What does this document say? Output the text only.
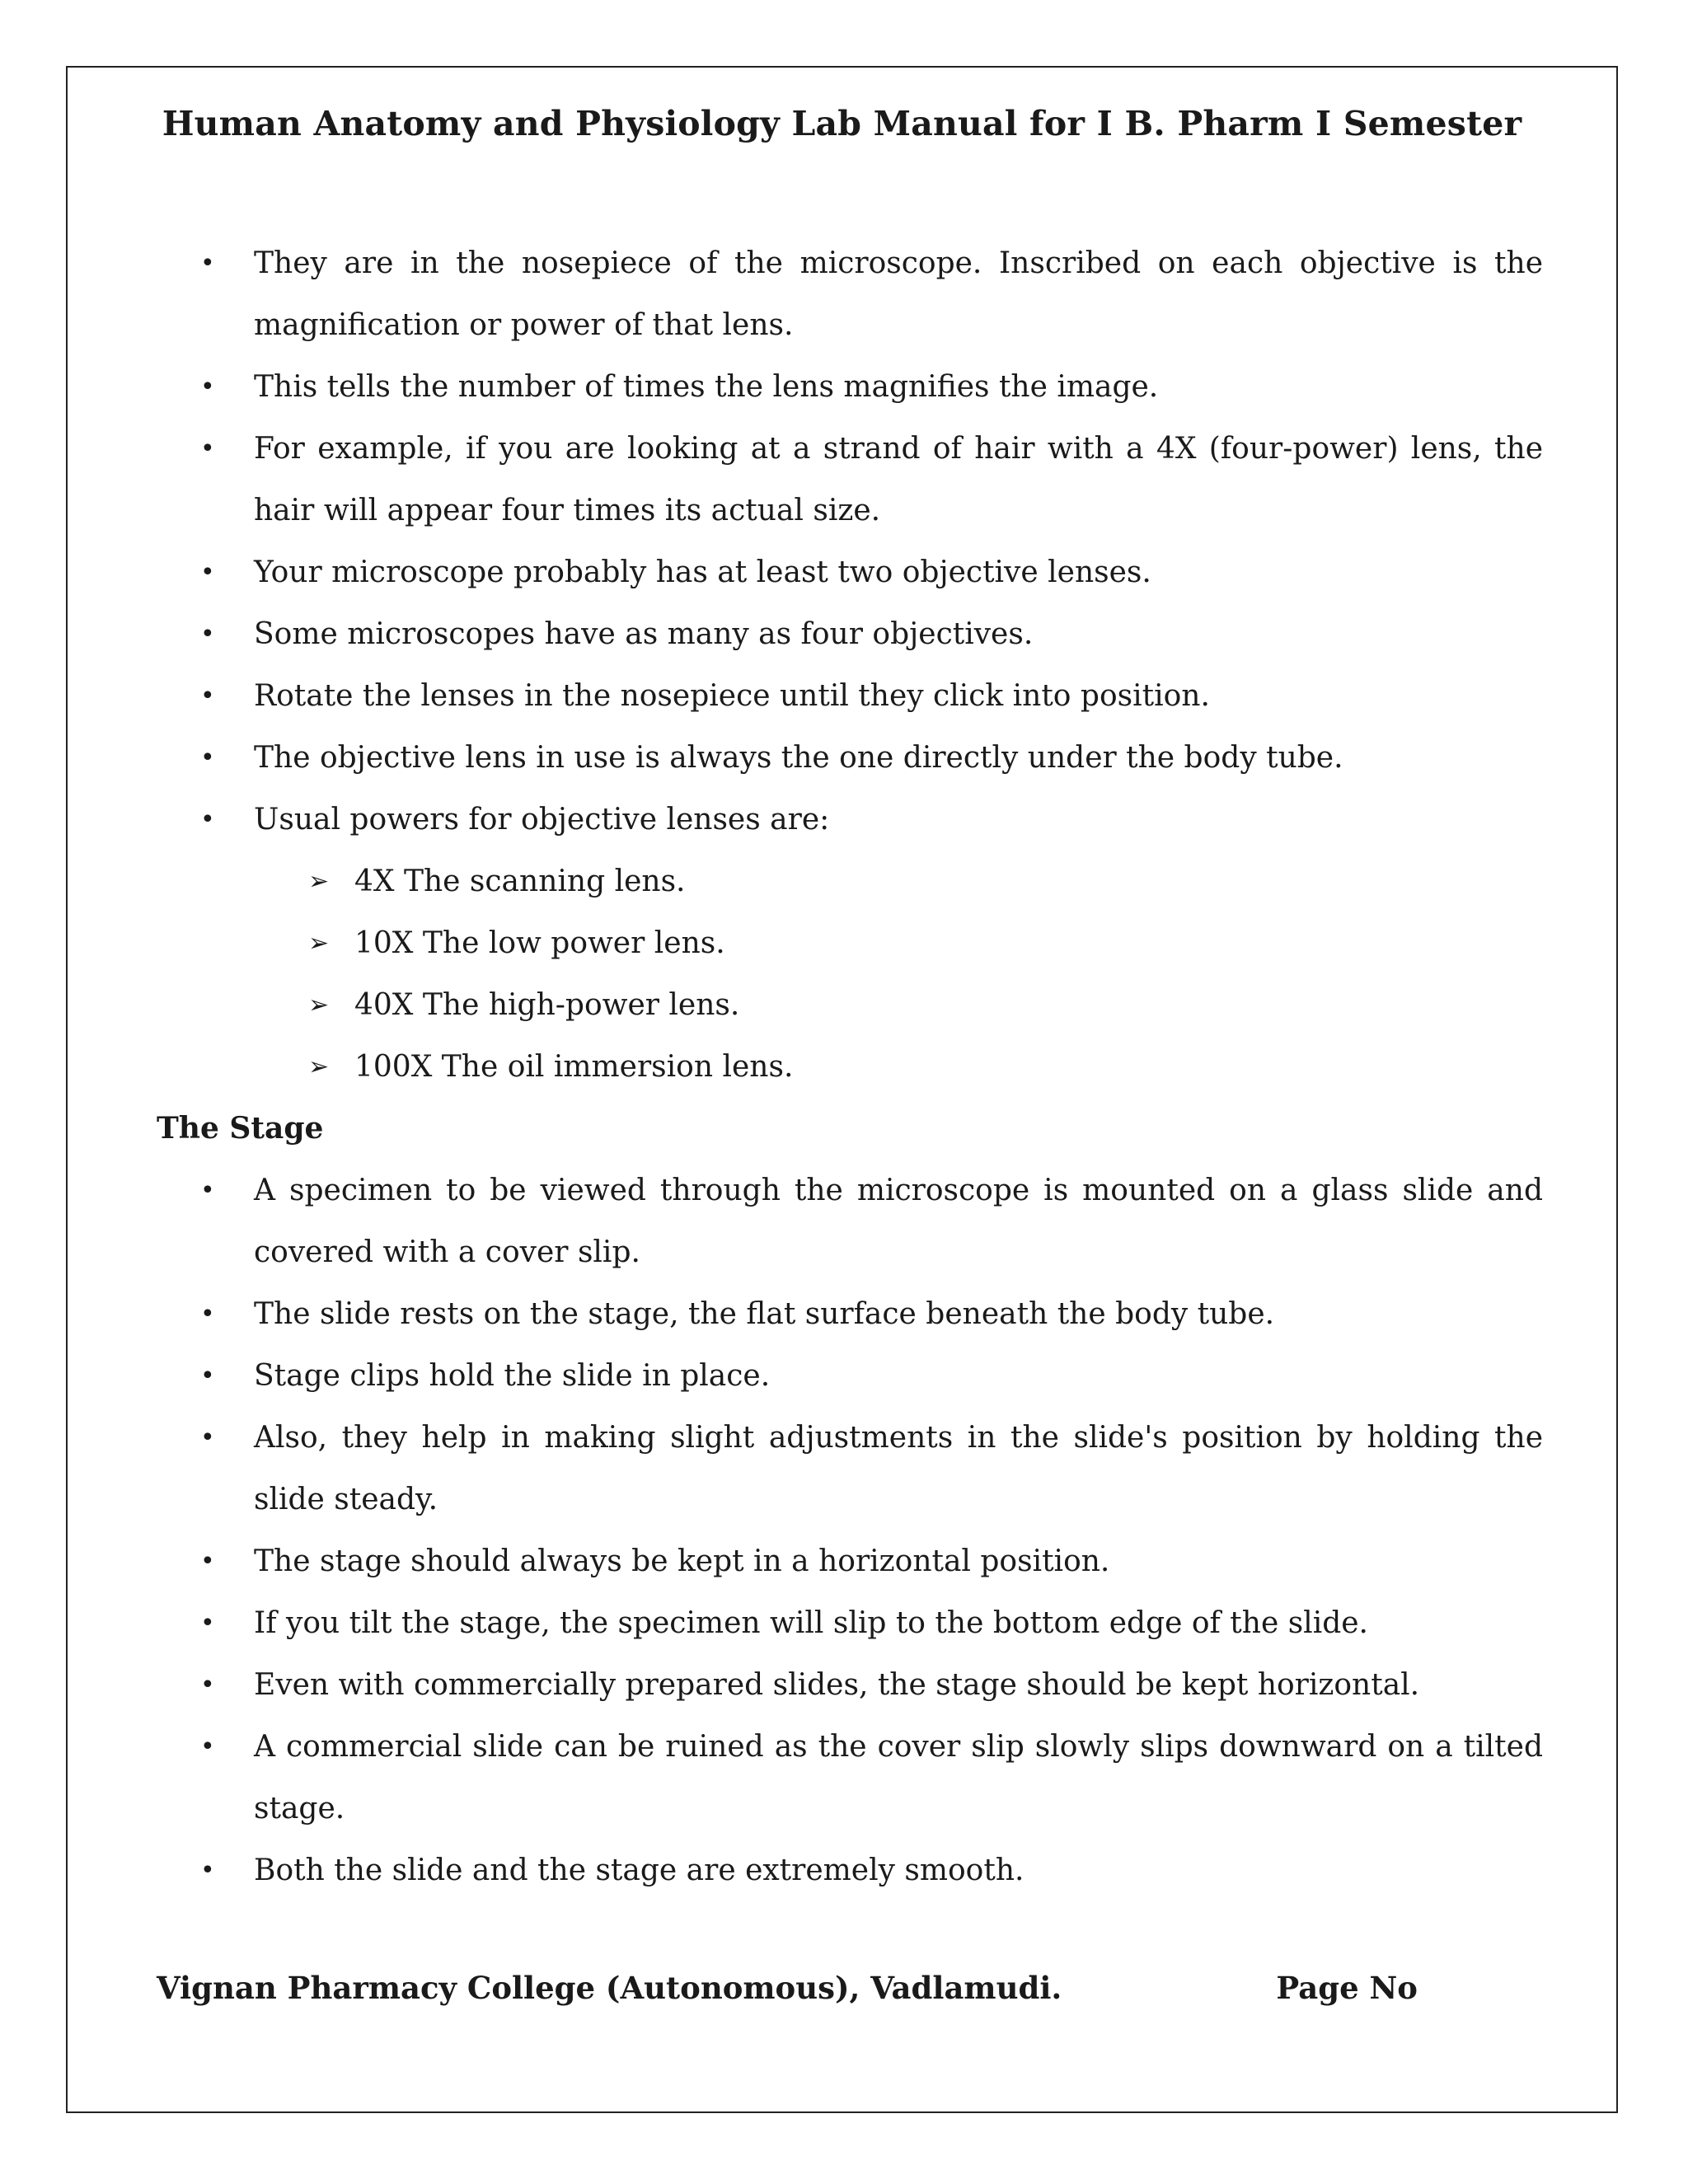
Human Anatomy and Physiology Lab Manual for I B. Pharm I Semester
• They are in the nosepiece of the microscope. Inscribed on each objective is the magnification or power of that lens.
• This tells the number of times the lens magnifies the image.
• For example, if you are looking at a strand of hair with a 4X (four-power) lens, the hair will appear four times its actual size.
• Your microscope probably has at least two objective lenses.
• Some microscopes have as many as four objectives.
• Rotate the lenses in the nosepiece until they click into position.
• The objective lens in use is always the one directly under the body tube.
• Usual powers for objective lenses are:
➢ 4X The scanning lens.
➢ 10X The low power lens.
➢ 40X The high-power lens.
➢ 100X The oil immersion lens.

The Stage

• A specimen to be viewed through the microscope is mounted on a glass slide and covered with a cover slip.
• The slide rests on the stage, the flat surface beneath the body tube.
• Stage clips hold the slide in place.
• Also, they help in making slight adjustments in the slide's position by holding the slide steady.
• The stage should always be kept in a horizontal position.
• If you tilt the stage, the specimen will slip to the bottom edge of the slide.
• Even with commercially prepared slides, the stage should be kept horizontal.
• A commercial slide can be ruined as the cover slip slowly slips downward on a tilted stage.
• Both the slide and the stage are extremely smooth.
Vignan Pharmacy College (Autonomous), Vadlamudi.	Page No
